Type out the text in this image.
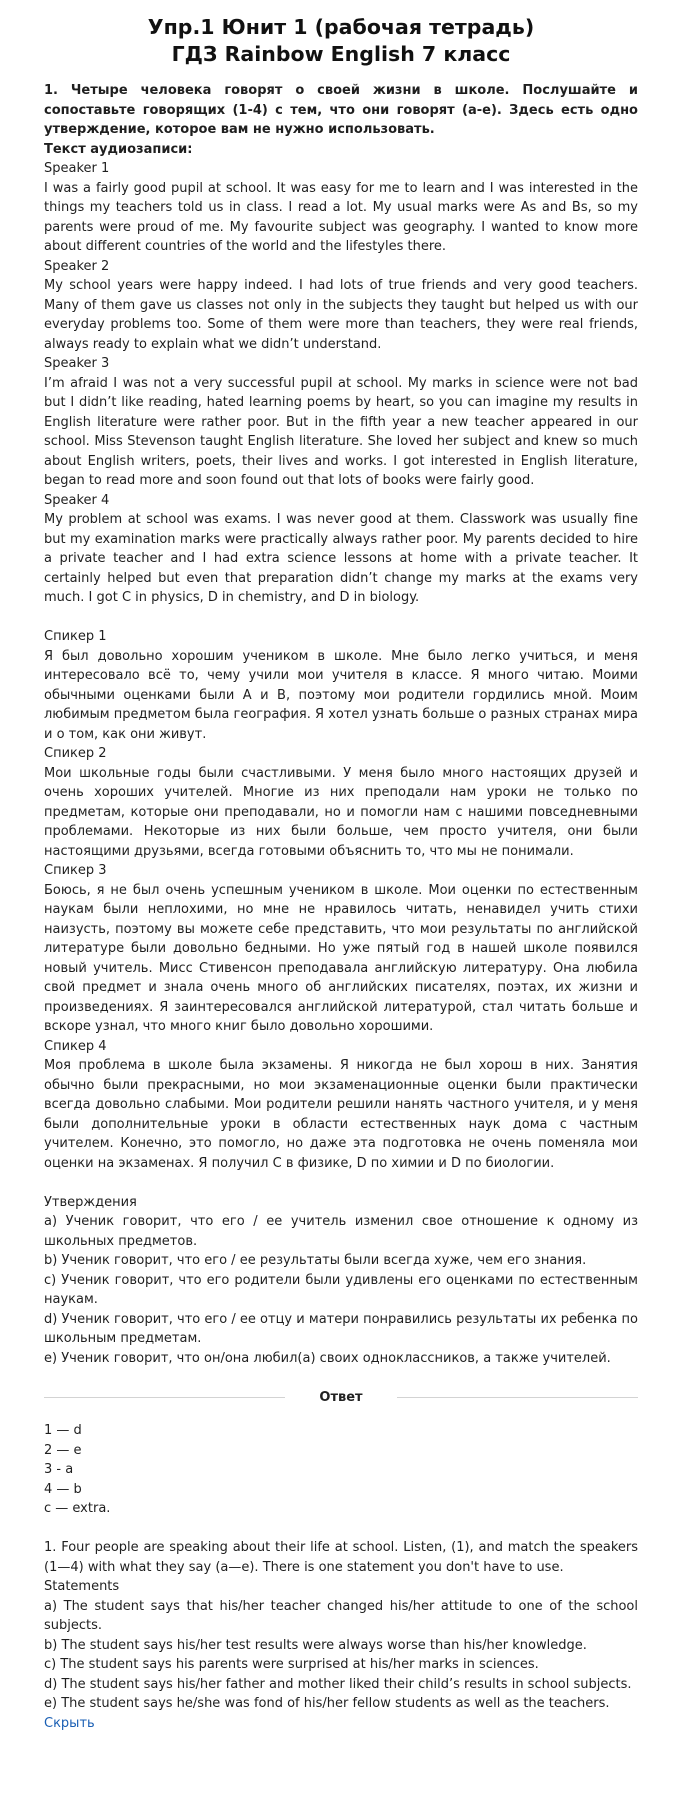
Упр.1 Юнит 1 (рабочая тетрадь)
ГДЗ Rainbow English 7 класс
1. Четыре человека говорят о своей жизни в школе. Послушайте и сопоставьте говорящих (1-4) с тем, что они говорят (a-e). Здесь есть одно утверждение, которое вам не нужно использовать.
Текст аудиозаписи:

Speaker 1

I was a fairly good pupil at school. It was easy for me to learn and I was interested in the things my teachers told us in class. I read a lot. My usual marks were As and Bs, so my parents were proud of me. My favourite subject was geography. I wanted to know more about different countries of the world and the lifestyles there.

Speaker 2

My school years were happy indeed. I had lots of true friends and very good teachers. Many of them gave us classes not only in the subjects they taught but helped us with our everyday problems too. Some of them were more than teachers, they were real friends, always ready to explain what we didn’t understand.

Speaker 3

I’m afraid I was not a very successful pupil at school. My marks in science were not bad but I didn’t like reading, hated learning poems by heart, so you can imagine my results in English literature were rather poor. But in the fifth year a new teacher appeared in our school. Miss Stevenson taught English literature. She loved her subject and knew so much about English writers, poets, their lives and works. I got interested in English literature, began to read more and soon found out that lots of books were fairly good.

Speaker 4

My problem at school was exams. I was never good at them. Classwork was usually fine but my examination marks were practically always rather poor. My parents decided to hire a private teacher and I had extra science lessons at home with a private teacher. It certainly helped but even that preparation didn’t change my marks at the exams very much. I got C in physics, D in chemistry, and D in biology.

Спикер 1

Я был довольно хорошим учеником в школе. Мне было легко учиться, и меня интересовало всё то, чему учили мои учителя в классе. Я много читаю. Моими обычными оценками были A и B, поэтому мои родители гордились мной. Моим любимым предметом была география. Я хотел узнать больше о разных странах мира и о том, как они живут.

Спикер 2

Мои школьные годы были счастливыми. У меня было много настоящих друзей и очень хороших учителей. Многие из них преподали нам уроки не только по предметам, которые они преподавали, но и помогли нам с нашими повседневными проблемами. Некоторые из них были больше, чем просто учителя, они были настоящими друзьями, всегда готовыми объяснить то, что мы не понимали.

Спикер 3

Боюсь, я не был очень успешным учеником в школе. Мои оценки по естественным наукам были неплохими, но мне не нравилось читать, ненавидел учить стихи наизусть, поэтому вы можете себе представить, что мои результаты по английской литературе были довольно бедными. Но уже пятый год в нашей школе появился новый учитель. Мисс Стивенсон преподавала английскую литературу. Она любила свой предмет и знала очень много об английских писателях, поэтах, их жизни и произведениях. Я заинтересовался английской литературой, стал читать больше и вскоре узнал, что много книг было довольно хорошими.

Спикер 4

Моя проблема в школе была экзамены. Я никогда не был хорош в них. Занятия обычно были прекрасными, но мои экзаменационные оценки были практически всегда довольно слабыми. Мои родители решили нанять частного учителя, и у меня были дополнительные уроки в области естественных наук дома с частным учителем. Конечно, это помогло, но даже эта подготовка не очень поменяла мои оценки на экзаменах. Я получил С в физике, D по химии и D по биологии.

Утверждения

a) Ученик говорит, что его / ее учитель изменил свое отношение к одному из школьных предметов.

b) Ученик говорит, что его / ее результаты были всегда хуже, чем его знания.

c) Ученик говорит, что его родители были удивлены его оценками по естественным наукам.

d) Ученик говорит, что его / ее отцу и матери понравились результаты их ребенка по школьным предметам.

e) Ученик говорит, что он/она любил(а) своих одноклассников, а также учителей.

Ответ
1 — d
2 — e
3 - a
4 — b
c — extra.

1. Four people are speaking about their life at school. Listen, (1), and match the speakers (1—4) with what they say (a—e). There is one statement you don't have to use.

Statements

a) The student says that his/her teacher changed his/her attitude to one of the school subjects.

b) The student says his/her test results were always worse than his/her knowledge.

c) The student says his parents were surprised at his/her marks in sciences.

d) The student says his/her father and mother liked their child’s results in school subjects.

e) The student says he/she was fond of his/her fellow students as well as the teachers.

Скрыть
